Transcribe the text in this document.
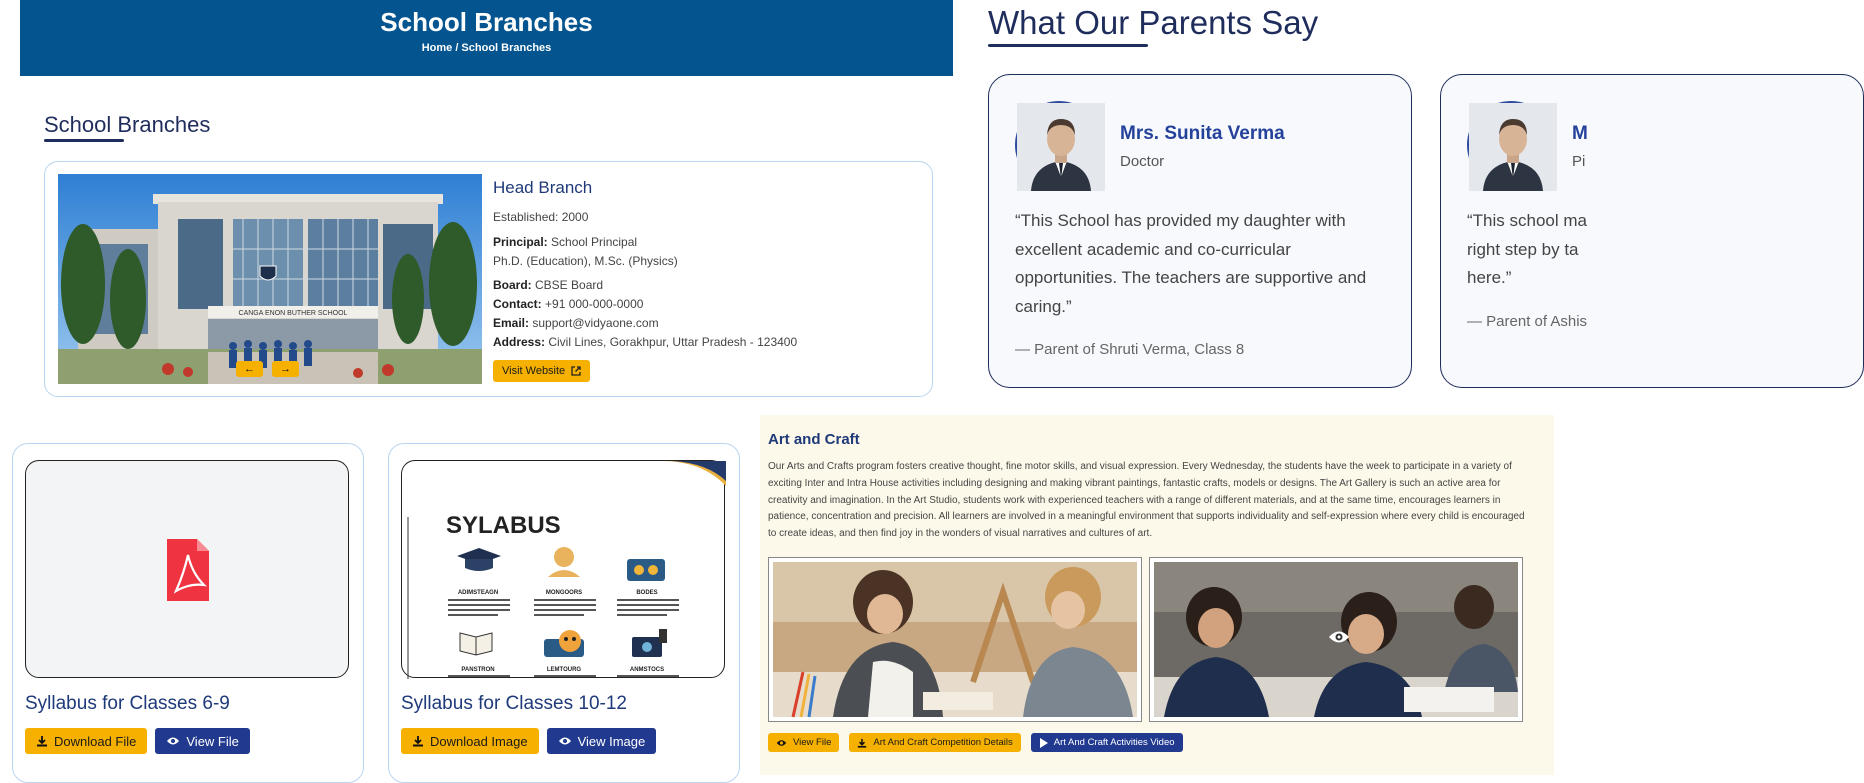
School Branches
Home / School Branches
School Branches
CANGA ENON BUTHER SCHOOL
← →
Head Branch
Established: 2000
Principal: School Principal
Ph.D. (Education), M.Sc. (Physics)
Board: CBSE Board
Contact: +91 000-000-0000
Email: support@vidyaone.com
Address: Civil Lines, Gorakhpur, Uttar Pradesh - 123400
Visit Website
What Our Parents Say
Mrs. Sunita Verma
Doctor
“This School has provided my daughter with excellent academic and co-curricular opportunities. The teachers are supportive and caring.”
— Parent of Shruti Verma, Class 8
M
Pi
“This school ma right step by ta here.”
— Parent of Ashis
Syllabus for Classes 6-9
Download File	View File
SYLABUS
ADIMSTEAGN	MONGOORS	BODES
PANSTRON	LEMTOURG	ANMSTOCS
Syllabus for Classes 10-12
Download Image	View Image
Art and Craft
Our Arts and Crafts program fosters creative thought, fine motor skills, and visual expression. Every Wednesday, the students have the week to participate in a variety of exciting Inter and Intra House activities including designing and making vibrant paintings, fantastic crafts, models or designs. The Art Gallery is such an active area for creativity and imagination. In the Art Studio, students work with experienced teachers with a range of different materials, and at the same time, encourages learners in patience, concentration and precision. All learners are involved in a meaningful environment that supports individuality and self-expression where every child is encouraged to create ideas, and then find joy in the wonders of visual narratives and cultures of art.
View File	Art And Craft Competition Details	Art And Craft Activities Video
